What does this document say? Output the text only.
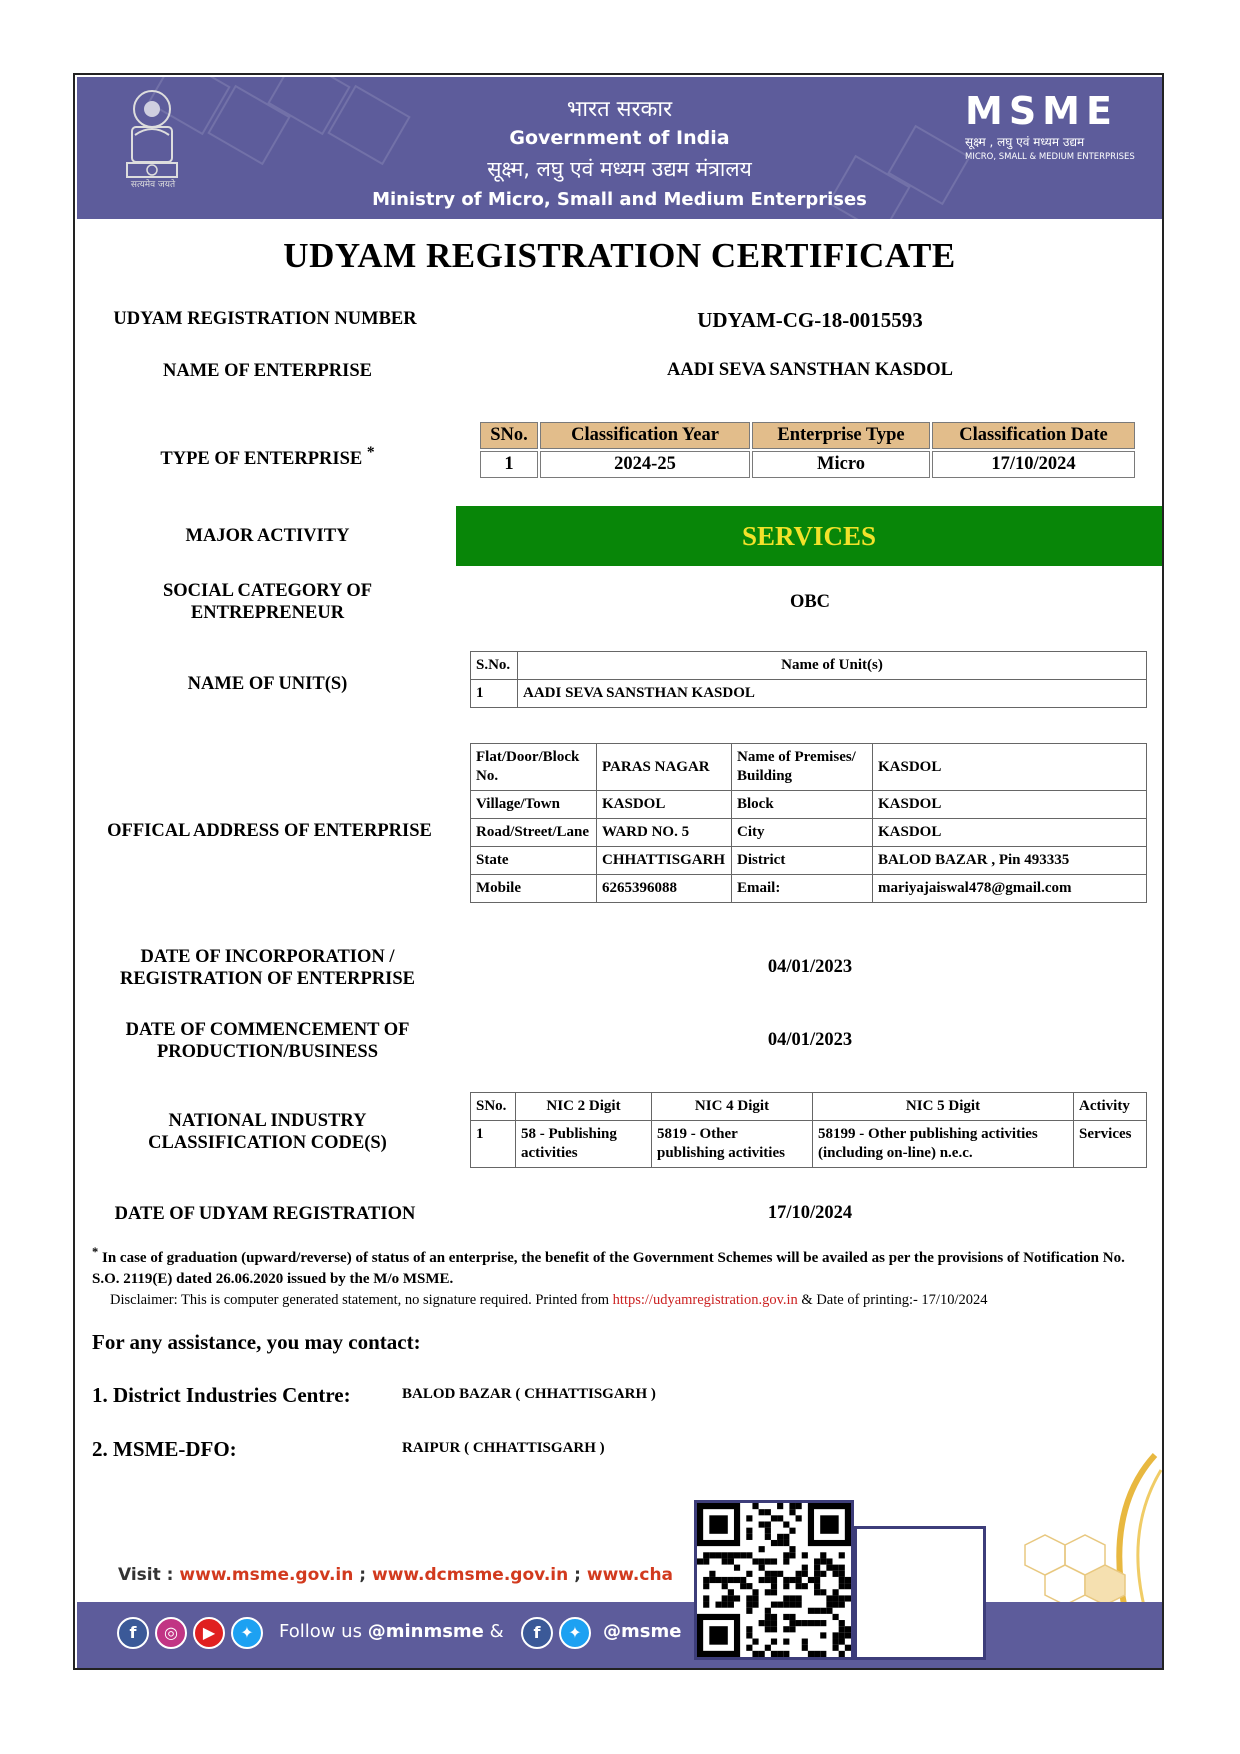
सत्यमेव जयते
भारत सरकार
Government of India
सूक्ष्म, लघु एवं मध्यम उद्यम मंत्रालय
Ministry of Micro, Small and Medium Enterprises
MSME
सूक्ष्म , लघु एवं मध्यम उद्यम
MICRO, SMALL & MEDIUM ENTERPRISES
UDYAM REGISTRATION CERTIFICATE
UDYAM REGISTRATION NUMBER	UDYAM-CG-18-0015593
NAME OF ENTERPRISE	AADI SEVA SANSTHAN KASDOL
TYPE OF ENTERPRISE *
SNo.	Classification Year	Enterprise Type	Classification Date
1	2024-25	Micro	17/10/2024
MAJOR ACTIVITY	SERVICES
SOCIAL CATEGORY OF
ENTREPRENEUR
OBC
NAME OF UNIT(S)
S.No.	Name of Unit(s)
1	AADI SEVA SANSTHAN KASDOL
OFFICAL ADDRESS OF ENTERPRISE
Flat/Door/Block No.	PARAS NAGAR	Name of Premises/ Building	KASDOL
Village/Town	KASDOL	Block	KASDOL
Road/Street/Lane	WARD NO. 5	City	KASDOL
State	CHHATTISGARH	District	BALOD BAZAR , Pin 493335
Mobile	6265396088	Email:	mariyajaiswal478@gmail.com
DATE OF INCORPORATION /
REGISTRATION OF ENTERPRISE
04/01/2023
DATE OF COMMENCEMENT OF
PRODUCTION/BUSINESS
04/01/2023
NATIONAL INDUSTRY
CLASSIFICATION CODE(S)
SNo.	NIC 2 Digit	NIC 4 Digit	NIC 5 Digit	Activity
1	58 - Publishing activities	5819 - Other publishing activities	58199 - Other publishing activities (including on-line) n.e.c.	Services
DATE OF UDYAM REGISTRATION	17/10/2024
* In case of graduation (upward/reverse) of status of an enterprise, the benefit of the Government Schemes will be availed as per the provisions of Notification No. S.O. 2119(E) dated 26.06.2020 issued by the M/o MSME.
Disclaimer: This is computer generated statement, no signature required. Printed from https://udyamregistration.gov.in & Date of printing:- 17/10/2024
For any assistance, you may contact:
1. District Industries Centre:	BALOD BAZAR ( CHHATTISGARH )
2. MSME-DFO:	RAIPUR ( CHHATTISGARH )
Visit : www.msme.gov.in ; www.dcmsme.gov.in ; www.cha
f	◎	▶	✦	Follow us @minmsme &	f	✦	@msme
